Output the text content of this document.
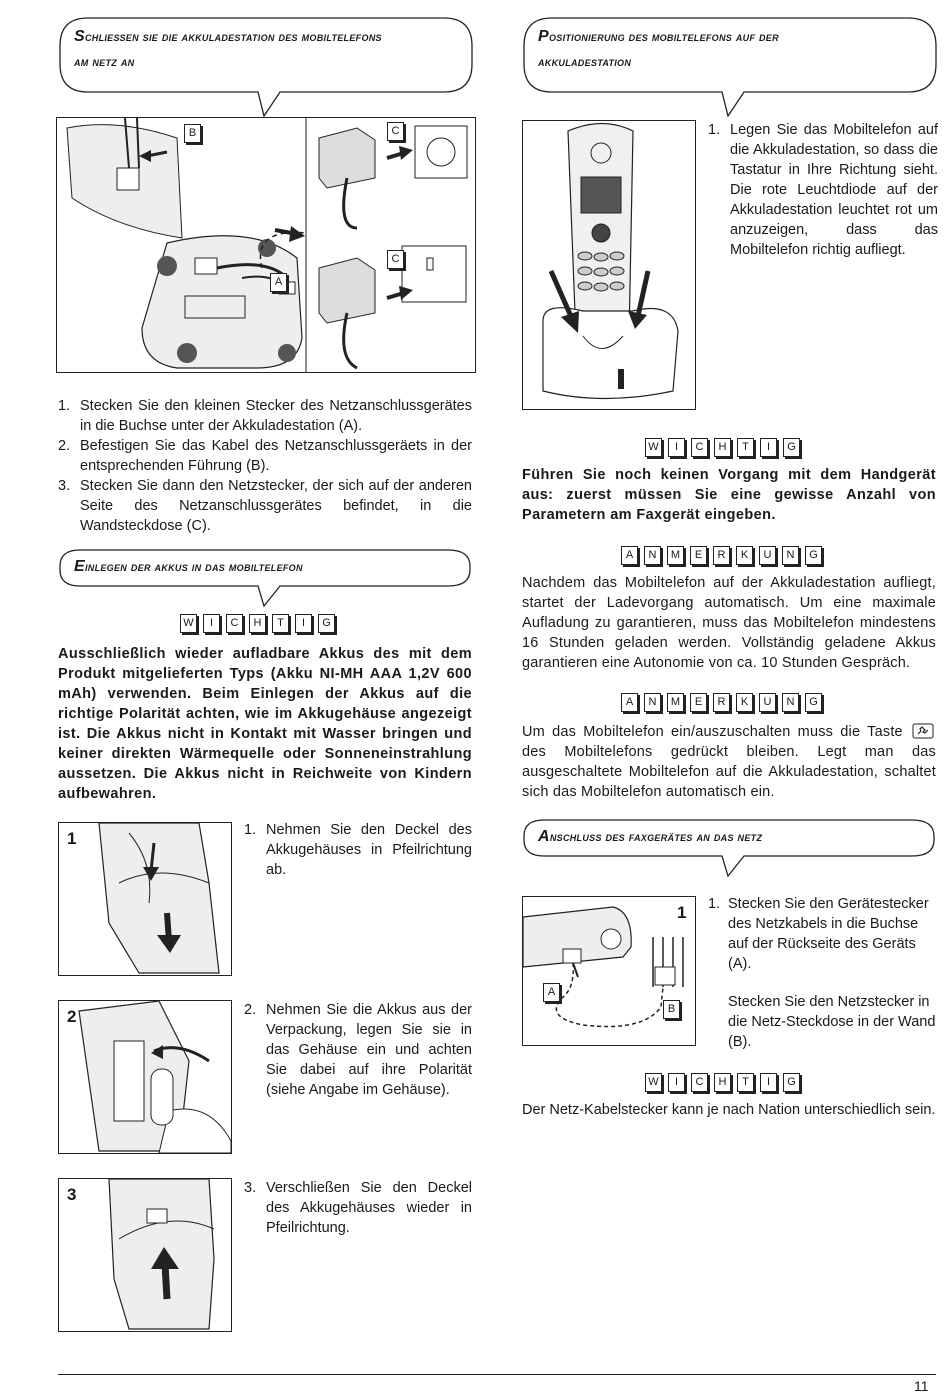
Schließen sie die akkuladestation des mobiltelefons
am netz an
B	C
C
A
1. Stecken Sie den kleinen Stecker des Netzanschlussgerätes in die Buchse unter der Akkuladestation (A).
2. Befestigen Sie das Kabel des Netzanschlussgeräets in der entsprechenden Führung (B).
3. Stecken Sie dann den Netzstecker, der sich auf der anderen Seite des Netzanschlussgerätes befindet, in die Wandsteckdose (C).
Einlegen der akkus in das mobiltelefon
W	I	C	H	T	I	G
Ausschließlich wieder aufladbare Akkus des mit dem Produkt mitgelieferten Typs (Akku NI-MH AAA 1,2V 600 mAh) verwenden. Beim Einlegen der Akkus auf die richtige Polarität achten, wie im Akkugehäuse angezeigt ist. Die Akkus nicht in Kontakt mit Wasser bringen und keiner direkten Wärmequelle oder Sonneneinstrahlung aussetzen. Die Akkus nicht in Reichweite von Kindern aufbewahren.
1	1. Nehmen Sie den Deckel des Akkugehäuses in Pfeilrichtung ab.
2	2. Nehmen Sie die Akkus aus der Verpackung, legen Sie sie in das Gehäuse ein und achten Sie dabei auf ihre Polarität (siehe Angabe im Gehäuse).
3	3. Verschließen Sie den Deckel des Akkugehäuses wieder in Pfeilrichtung.
Positionierung des mobiltelefons auf der
akkuladestation
1. Legen Sie das Mobiltelefon auf die Akkuladestation, so dass die Tastatur in Ihre Richtung sieht. Die rote Leuchtdiode auf der Akkuladestation leuchtet rot um anzuzeigen, dass das Mobiltelefon richtig aufliegt.
W	I	C	H	T	I	G
Führen Sie noch keinen Vorgang mit dem Handgerät aus: zuerst müssen Sie eine gewisse Anzahl von Parametern am Faxgerät eingeben.
A	N	M	E	R	K	U	N	G
Nachdem das Mobiltelefon auf der Akkuladestation aufliegt, startet der Ladevorgang automatisch. Um eine maximale Aufladung zu garantieren, muss das Mobiltelefon mindestens 16 Stunden geladen werden. Vollständig geladene Akkus garantieren eine Autonomie von ca. 10 Stunden Gespräch.
A	N	M	E	R	K	U	N	G
Um das Mobiltelefon ein/auszuschalten muss die Taste  des Mobiltelefons gedrückt bleiben. Legt man das ausgeschaltete Mobiltelefon auf die Akkuladestation, schaltet sich das Mobiltelefon automatisch ein.
Anschluss des faxgerätes an das netz
1
A
B
1. Stecken Sie den Gerätestecker des Netzkabels in die Buchse auf der Rückseite des Geräts (A).
Stecken Sie den Netzstecker in die Netz-Steckdose in der Wand (B).
W	I	C	H	T	I	G
Der Netz-Kabelstecker kann je nach Nation unterschiedlich sein.
11
